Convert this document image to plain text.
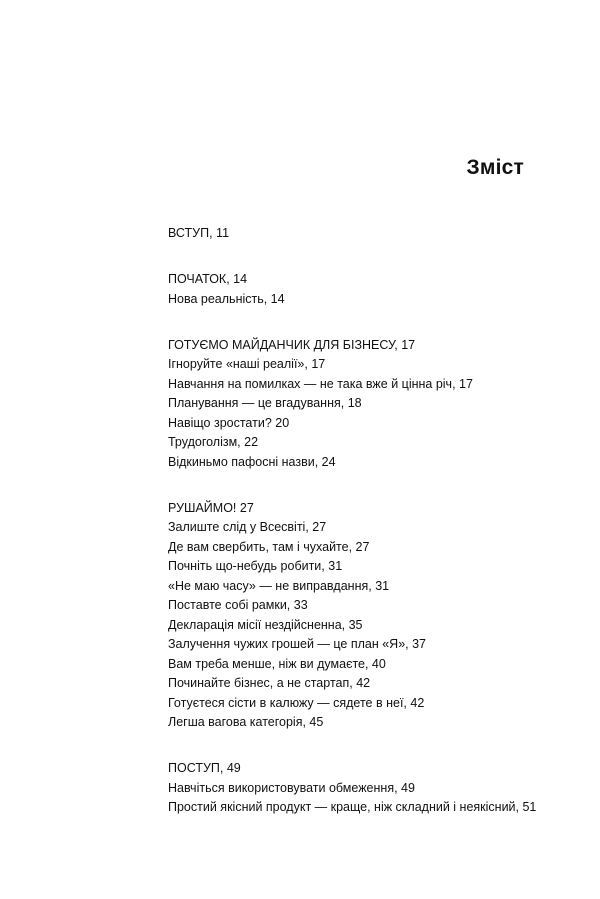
Зміст
ВСТУП, 11
ПОЧАТОК, 14
Нова реальність, 14
ГОТУЄМО МАЙДАНЧИК ДЛЯ БІЗНЕСУ, 17
Ігноруйте «наші реалії», 17
Навчання на помилках — не така вже й цінна річ, 17
Планування — це вгадування, 18
Навіщо зростати? 20
Трудоголізм, 22
Відкиньмо пафосні назви, 24
РУШАЙМО! 27
Залиште слід у Всесвіті, 27
Де вам свербить, там і чухайте, 27
Почніть що-небудь робити, 31
«Не маю часу» — не виправдання, 31
Поставте собі рамки, 33
Декларація місії нездійсненна, 35
Залучення чужих грошей — це план «Я», 37
Вам треба менше, ніж ви думаєте, 40
Починайте бізнес, а не стартап, 42
Готуєтеся сісти в калюжу — сядете в неї, 42
Легша вагова категорія, 45
ПОСТУП, 49
Навчіться використовувати обмеження, 49
Простий якісний продукт — краще, ніж складний і неякісний, 51
